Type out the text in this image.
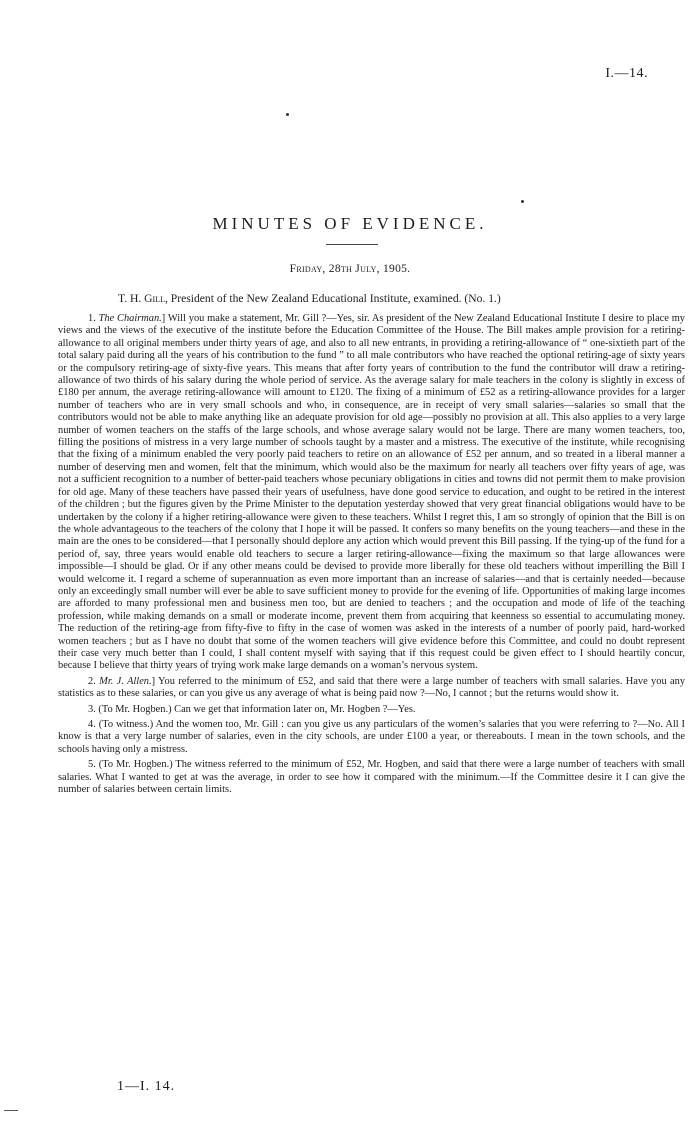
I.—14.
MINUTES OF EVIDENCE.
Friday, 28th July, 1905.
T. H. Gill, President of the New Zealand Educational Institute, examined. (No. 1.)

1. The Chairman.] Will you make a statement, Mr. Gill ?—Yes, sir. As president of the New Zealand Educational Institute I desire to place my views and the views of the executive of the institute before the Education Committee of the House. The Bill makes ample provision for a retiring-allowance to all original members under thirty years of age, and also to all new entrants, in providing a retiring-allowance of “ one-sixtieth part of the total salary paid during all the years of his contribution to the fund ” to all male contributors who have reached the optional retiring-age of sixty years or the compulsory retiring-age of sixty-five years. This means that after forty years of contribution to the fund the contributor will draw a retiring-allowance of two thirds of his salary during the whole period of service. As the average salary for male teachers in the colony is slightly in excess of £180 per annum, the average retiring-allowance will amount to £120. The fixing of a minimum of £52 as a retiring-allowance provides for a larger number of teachers who are in very small schools and who, in consequence, are in receipt of very small salaries—salaries so small that the contributors would not be able to make anything like an adequate provision for old age—possibly no provision at all. This also applies to a very large number of women teachers on the staffs of the large schools, and whose average salary would not be large. There are many women teachers, too, filling the positions of mistress in a very large number of schools taught by a master and a mistress. The executive of the institute, while recognising that the fixing of a minimum enabled the very poorly paid teachers to retire on an allowance of £52 per annum, and so treated in a liberal manner a number of deserving men and women, felt that the minimum, which would also be the maximum for nearly all teachers over fifty years of age, was not a sufficient recognition to a number of better-paid teachers whose pecuniary obligations in cities and towns did not permit them to make provision for old age. Many of these teachers have passed their years of usefulness, have done good service to education, and ought to be retired in the interest of the children ; but the figures given by the Prime Minister to the deputation yesterday showed that very great financial obligations would have to be undertaken by the colony if a higher retiring-allowance were given to these teachers. Whilst I regret this, I am so strongly of opinion that the Bill is on the whole advantageous to the teachers of the colony that I hope it will be passed. It confers so many benefits on the young teachers—and these in the main are the ones to be considered—that I personally should deplore any action which would prevent this Bill passing. If the tying-up of the fund for a period of, say, three years would enable old teachers to secure a larger retiring-allowance—fixing the maximum so that large allowances were impossible—I should be glad. Or if any other means could be devised to provide more liberally for these old teachers without imperilling the Bill I would welcome it. I regard a scheme of superannuation as even more important than an increase of salaries—and that is certainly needed—because only an exceedingly small number will ever be able to save sufficient money to provide for the evening of life. Opportunities of making large incomes are afforded to many professional men and business men too, but are denied to teachers ; and the occupation and mode of life of the teaching profession, while making demands on a small or moderate income, prevent them from acquiring that keenness so essential to accumulating money. The reduction of the retiring-age from fifty-five to fifty in the case of women was asked in the interests of a number of poorly paid, hard-worked women teachers ; but as I have no doubt that some of the women teachers will give evidence before this Committee, and could no doubt represent their case very much better than I could, I shall content myself with saying that if this request could be given effect to I should heartily concur, because I believe that thirty years of trying work make large demands on a woman’s nervous system.

2. Mr. J. Allen.] You referred to the minimum of £52, and said that there were a large number of teachers with small salaries. Have you any statistics as to these salaries, or can you give us any average of what is being paid now ?—No, I cannot ; but the returns would show it.

3. (To Mr. Hogben.) Can we get that information later on, Mr. Hogben ?—Yes.

4. (To witness.) And the women too, Mr. Gill : can you give us any particulars of the women’s salaries that you were referring to ?—No. All I know is that a very large number of salaries, even in the city schools, are under £100 a year, or thereabouts. I mean in the town schools, and the schools having only a mistress.

5. (To Mr. Hogben.) The witness referred to the minimum of £52, Mr. Hogben, and said that there were a large number of teachers with small salaries. What I wanted to get at was the average, in order to see how it compared with the minimum.—If the Committee desire it I can give the number of salaries between certain limits.

1—I. 14.
